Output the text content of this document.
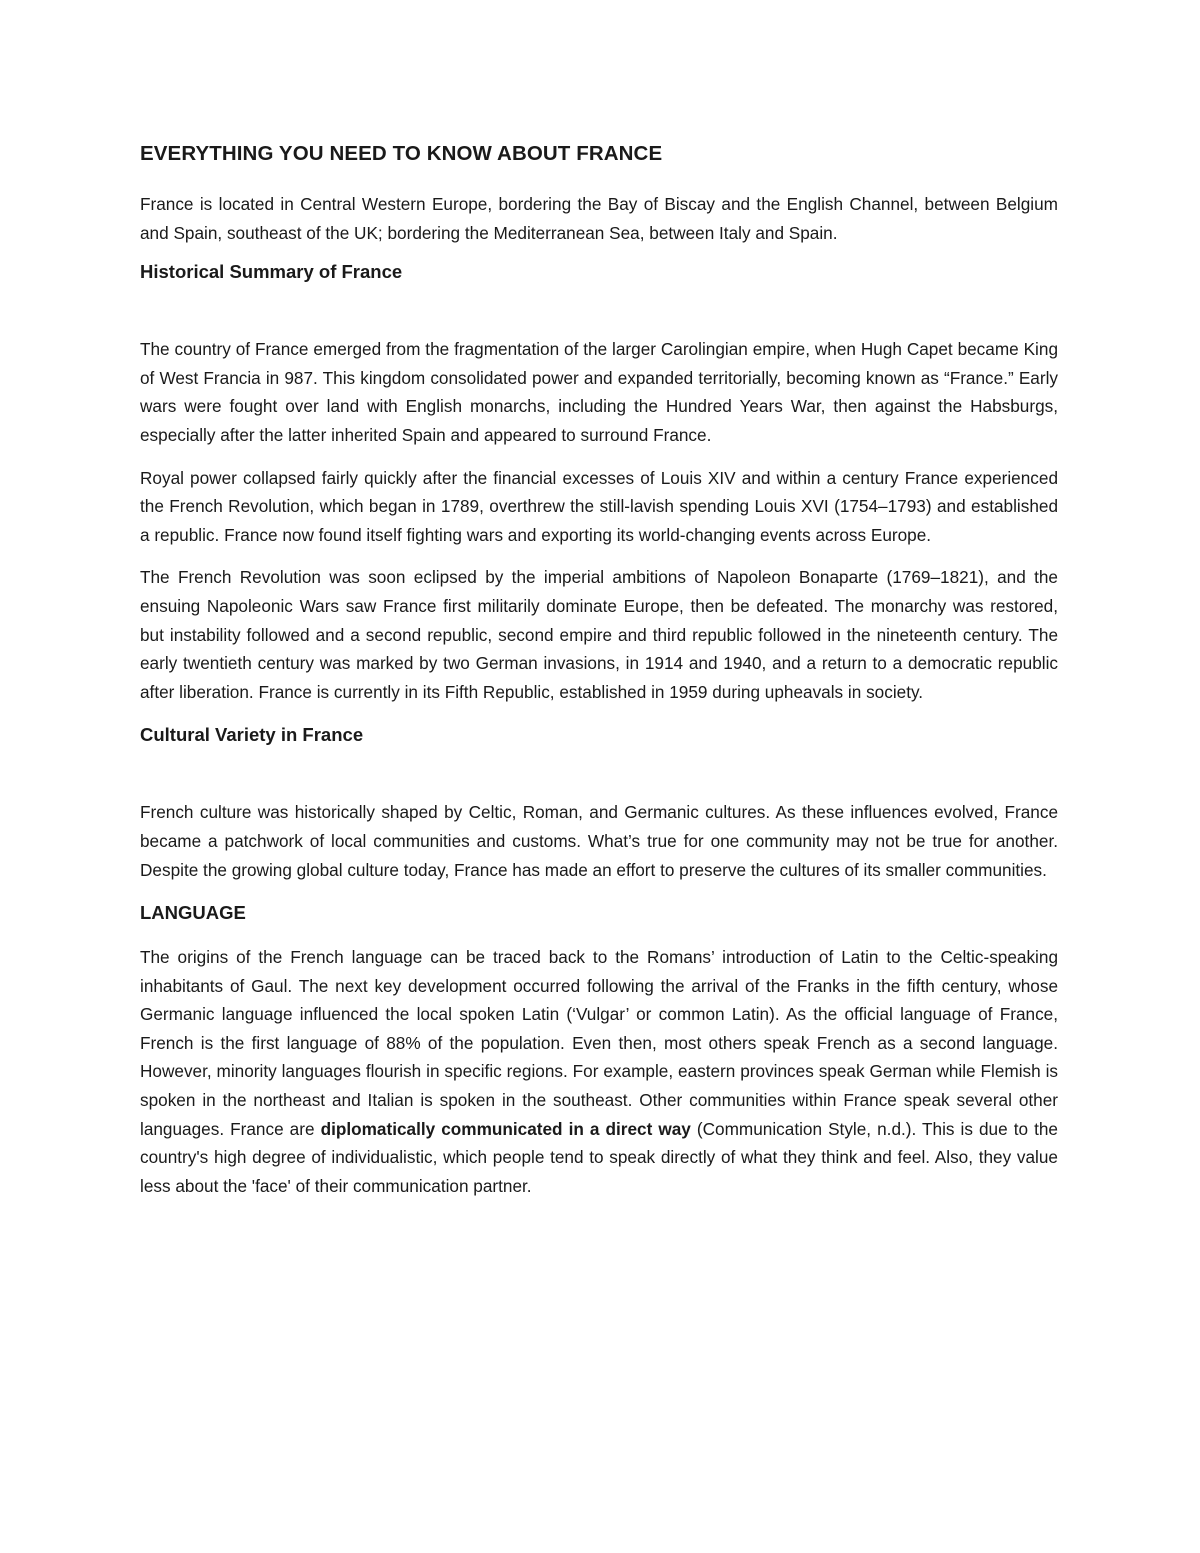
EVERYTHING YOU NEED TO KNOW ABOUT FRANCE

France is located in Central Western Europe, bordering the Bay of Biscay and the English Channel, between Belgium and Spain, southeast of the UK; bordering the Mediterranean Sea, between Italy and Spain.

Historical Summary of France

The country of France emerged from the fragmentation of the larger Carolingian empire, when Hugh Capet became King of West Francia in 987. This kingdom consolidated power and expanded territorially, becoming known as “France.” Early wars were fought over land with English monarchs, including the Hundred Years War, then against the Habsburgs, especially after the latter inherited Spain and appeared to surround France.

Royal power collapsed fairly quickly after the financial excesses of Louis XIV and within a century France experienced the French Revolution, which began in 1789, overthrew the still-lavish spending Louis XVI (1754–1793) and established a republic. France now found itself fighting wars and exporting its world-changing events across Europe.

The French Revolution was soon eclipsed by the imperial ambitions of Napoleon Bonaparte (1769–1821), and the ensuing Napoleonic Wars saw France first militarily dominate Europe, then be defeated. The monarchy was restored, but instability followed and a second republic, second empire and third republic followed in the nineteenth century. The early twentieth century was marked by two German invasions, in 1914 and 1940, and a return to a democratic republic after liberation. France is currently in its Fifth Republic, established in 1959 during upheavals in society.

Cultural Variety in France

French culture was historically shaped by Celtic, Roman, and Germanic cultures. As these influences evolved, France became a patchwork of local communities and customs. What’s true for one community may not be true for another. Despite the growing global culture today, France has made an effort to preserve the cultures of its smaller communities.

LANGUAGE

The origins of the French language can be traced back to the Romans’ introduction of Latin to the Celtic-speaking inhabitants of Gaul. The next key development occurred following the arrival of the Franks in the fifth century, whose Germanic language influenced the local spoken Latin (‘Vulgar’ or common Latin). As the official language of France, French is the first language of 88% of the population. Even then, most others speak French as a second language. However, minority languages flourish in specific regions. For example, eastern provinces speak German while Flemish is spoken in the northeast and Italian is spoken in the southeast. Other communities within France speak several other languages. France are diplomatically communicated in a direct way (Communication Style, n.d.). This is due to the country's high degree of individualistic, which people tend to speak directly of what they think and feel. Also, they value less about the 'face' of their communication partner.
